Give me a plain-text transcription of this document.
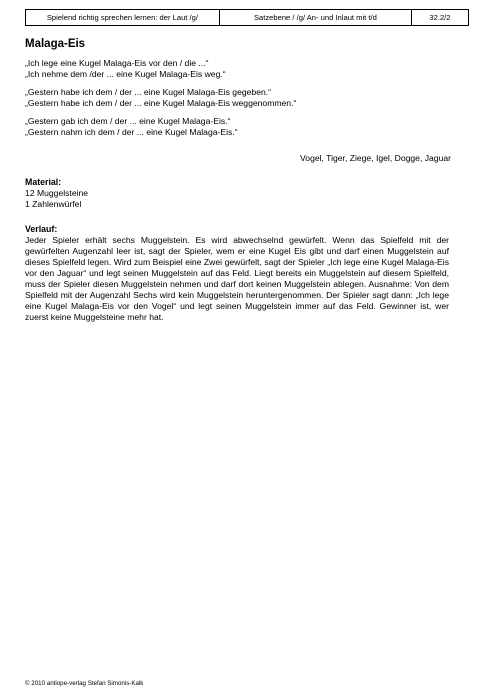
Spielend richtig sprechen lernen: der Laut /g/	Satzebene / /g/ An- und Inlaut mit t/d	32.2/2
Malaga-Eis
„Ich lege eine Kugel Malaga-Eis vor den / die ...“
„Ich nehme dem /der ... eine Kugel Malaga-Eis weg.“
„Gestern habe ich dem / der ... eine Kugel Malaga-Eis gegeben.“
„Gestern habe ich dem / der ... eine Kugel Malaga-Eis weggenommen.“
„Gestern gab ich dem / der ... eine Kugel Malaga-Eis.“
„Gestern nahm ich dem / der ... eine Kugel Malaga-Eis.“
Vogel, Tiger, Ziege, Igel, Dogge, Jaguar
Material:
12 Muggelsteine
1 Zahlenwürfel
Verlauf:
Jeder Spieler erhält sechs Muggelstein. Es wird abwechselnd gewürfelt. Wenn das Spielfeld mit der gewürfelten Augenzahl leer ist, sagt der Spieler, wem er eine Kugel Eis gibt und darf einen Muggelstein auf dieses Spielfeld legen. Wird zum Beispiel eine Zwei gewürfelt, sagt der Spieler „Ich lege eine Kugel Malaga-Eis vor den Jaguar“ und legt seinen Muggelstein auf das Feld. Liegt bereits ein Muggelstein auf diesem Spielfeld, muss der Spieler diesen Muggelstein nehmen und darf dort keinen Muggelstein ablegen. Ausnahme: Von dem Spielfeld mit der Augenzahl Sechs wird kein Muggelstein heruntergenommen. Der Spieler sagt dann: „Ich lege eine Kugel Malaga-Eis vor den Vogel“ und legt seinen Muggelstein immer auf das Feld. Gewinner ist, wer zuerst keine Muggelsteine mehr hat.
© 2010 antiope-verlag Stefan Simonis-Kalk
